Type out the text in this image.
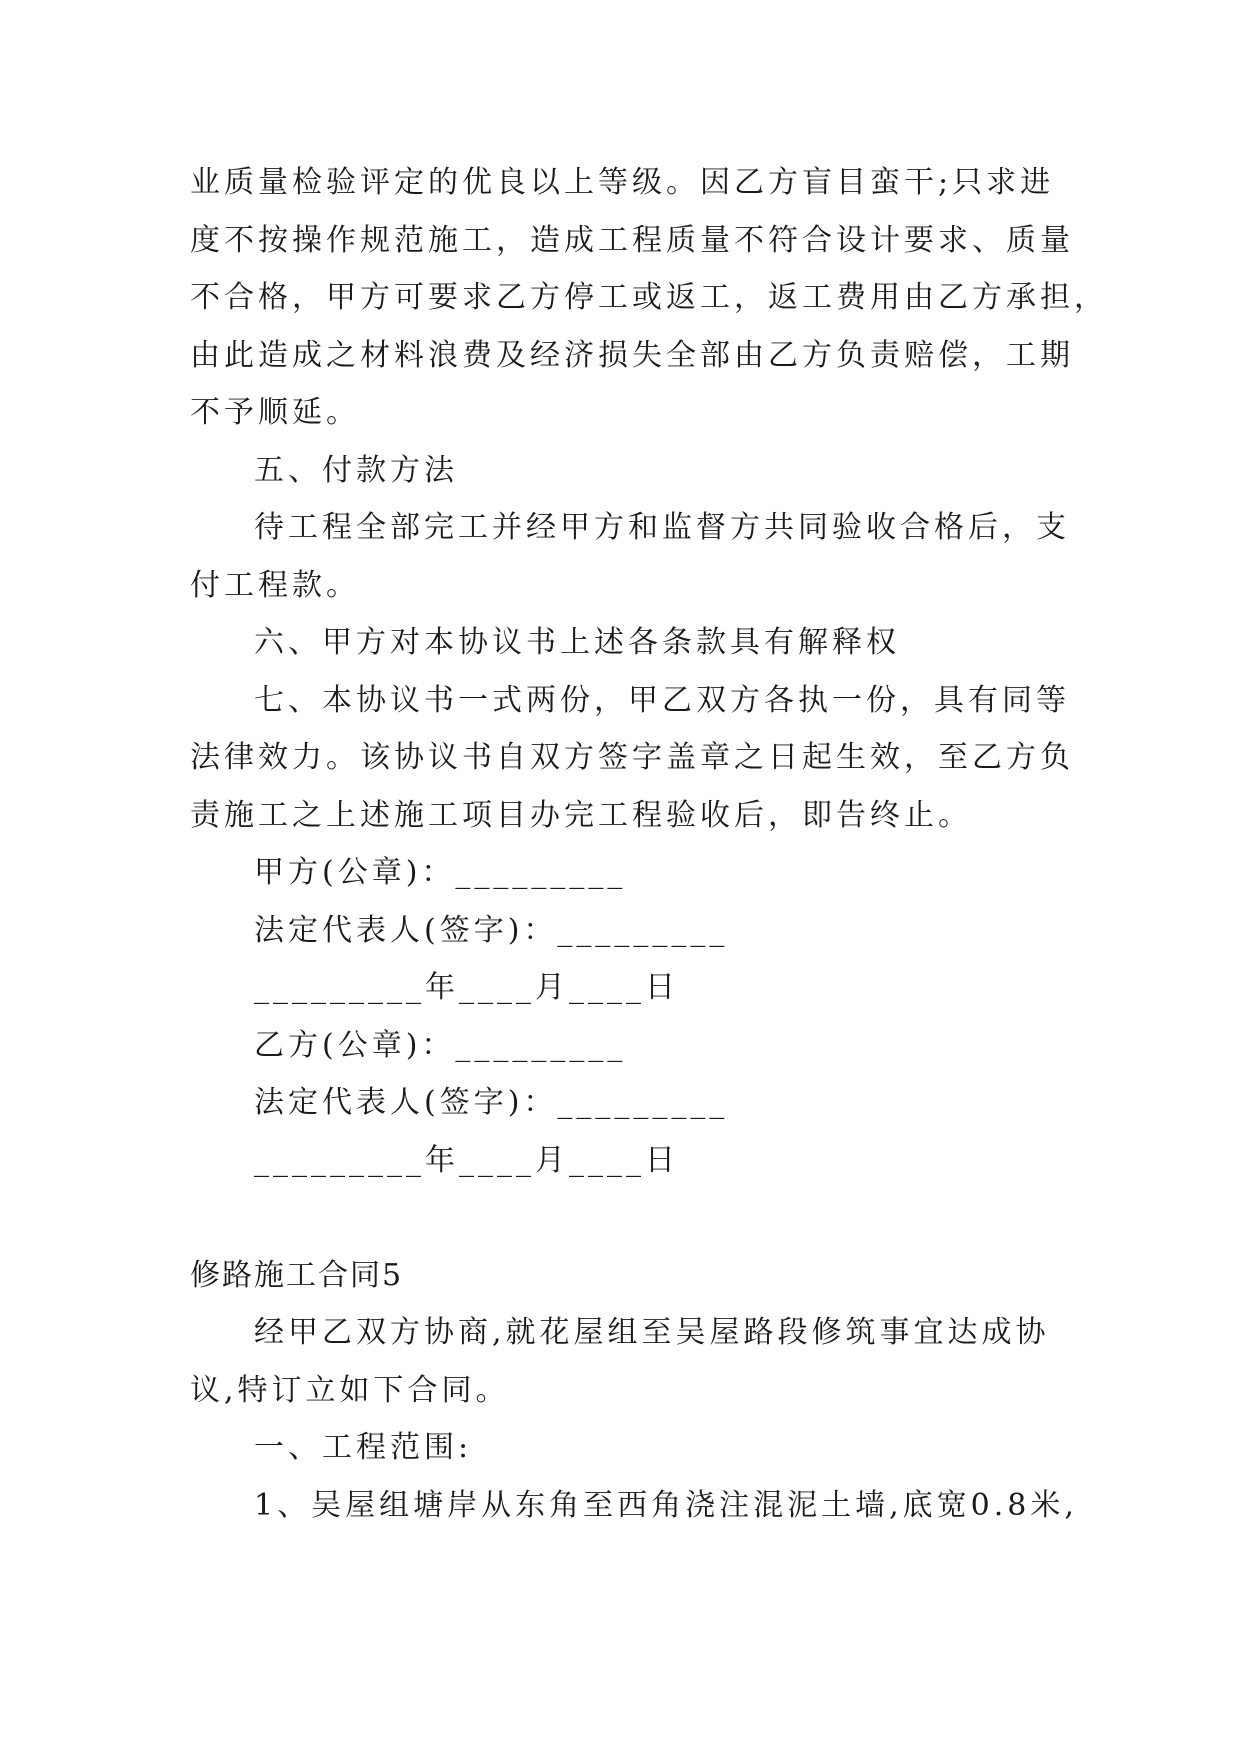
业质量检验评定的优良以上等级。因乙方盲目蛮干;只求进
度不按操作规范施工，造成工程质量不符合设计要求、质量
不合格，甲方可要求乙方停工或返工，返工费用由乙方承担，
由此造成之材料浪费及经济损失全部由乙方负责赔偿，工期
不予顺延。
五、付款方法
待工程全部完工并经甲方和监督方共同验收合格后，支
付工程款。
六、甲方对本协议书上述各条款具有解释权
七、本协议书一式两份，甲乙双方各执一份，具有同等
法律效力。该协议书自双方签字盖章之日起生效，至乙方负
责施工之上述施工项目办完工程验收后，即告终止。
甲方(公章)：_________
法定代表人(签字)：_________
_________年____月____日
乙方(公章)：_________
法定代表人(签字)：_________
_________年____月____日
修路施工合同5
经甲乙双方协商,就花屋组至吴屋路段修筑事宜达成协
议,特订立如下合同。
一、工程范围:
1、吴屋组塘岸从东角至西角浇注混泥土墙,底宽0.8米,
